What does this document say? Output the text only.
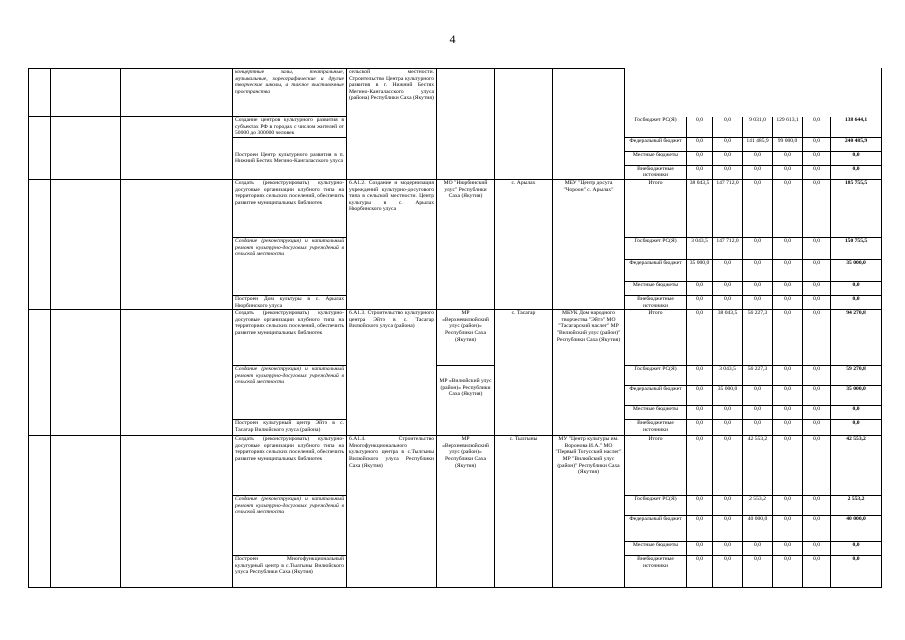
4

			концертные залы, театральные, музыкальные, хореографические и другие творческие школы, а также выставочные пространства	сельской местности. Строительство Центра культурного развития в г. Нижний Бестях Мегино-Кангаласского улуса (района) Республики Саха (Якутия)										

			Создание центров культурного развития в субъектах РФ в городах с числом жителей от 50000 до 300000 человек					Госбюджет РС(Я)	0,0	0,0	9 031,0	129 613,1	0,0	138 644,1

								Федеральный бюджет	0,0	0,0	141 485,9	99 000,0	0,0	240 485,9

			Построен Центр культурного развития в п. Нижний Бестях Мегино-Кангаласского улуса					Местные бюджеты	0,0	0,0	0,0	0,0	0,0	0,0

								Внебюджетные источники	0,0	0,0	0,0	0,0	0,0	0,0

			Создать (реконструировать) культурно-досуговые организации клубного типа на территориях сельских поселений, обеспечить развитие муниципальных библиотек	6.А1.2. Создание и модернизация учреждений культурно-досугового типа в сельской местности. Центр культуры в с. Арылах Нюрбинского улуса	МО "Нюрбинский улус" Республики Саха (Якутия)	с. Арылах	МБУ "Центр досуга "Чороон" с. Арылах"	Итого	38 043,5	147 712,0	0,0	0,0	0,0	185 755,5

			Создание (реконструкция) и капитальный ремонт культурно-досуговых учреждений в сельской местности					Госбюджет РС(Я)	3 043,5	147 712,0	0,0	0,0	0,0	150 755,5

								Федеральный бюджет	35 000,0	0,0	0,0	0,0	0,0	35 000,0

								Местные бюджеты	0,0	0,0	0,0	0,0	0,0	0,0

			Построен Дом культуры в с. Арылах Нюрбинского улуса					Внебюджетные источники	0,0	0,0	0,0	0,0	0,0	0,0

			Создать (реконструировать) культурно-досуговые организации клубного типа на территориях сельских поселений, обеспечить развитие муниципальных библиотек	6.А1.3. Строительство культурного центра Эйтэ в с. Тасагар Вилюйского улуса (района)	МР «Верхневилюйский улус (район)» Республики Саха (Якутия)	с. Тасагар	МБУК Дом народного творчества "Эйтэ" МО "Тасагарский наслег" МР "Вилюйский улус (район)" Республики Саха (Якутия)	Итого	0,0	38 043,5	56 227,3	0,0	0,0	94 270,8

			Создание (реконструкция) и капитальный ремонт культурно-досуговых учреждений в сельской местности		МР «Вилюйский улус (район)» Республики Саха (Якутия)			Госбюджет РС(Я)	0,0	3 043,5	56 227,3	0,0	0,0	59 270,8

								Федеральный бюджет	0,0	35 000,0	0,0	0,0	0,0	35 000,0

								Местные бюджеты	0,0	0,0	0,0	0,0	0,0	0,0

			Построен культурный центр Эйтэ в с. Тасагар Вилюйского улуса (района)					Внебюджетные источники	0,0	0,0	0,0	0,0	0,0	0,0

			Создать (реконструировать) культурно-досуговые организации клубного типа на территориях сельских поселений, обеспечить развитие муниципальных библиотек	6.А1.4. Строительство Многофункционального культурного центра в с.Тылгыны Вилюйского улуса Республики Саха (Якутия)	МР «Верхневилюйский улус (район)» Республики Саха (Якутия)	с. Тылгыны	МУ "Центр культуры им. Воронова И.А." МО "Первый Тогусский наслег" МР "Вилюйский улус (район)" Республики Саха (Якутия)	Итого	0,0	0,0	42 553,2	0,0	0,0	42 553,2

			Создание (реконструкция) и капитальный ремонт культурно-досуговых учреждений в сельской местности					Госбюджет РС(Я)	0,0	0,0	2 553,2	0,0	0,0	2 553,2

								Федеральный бюджет	0,0	0,0	40 000,0	0,0	0,0	40 000,0

								Местные бюджеты	0,0	0,0	0,0	0,0	0,0	0,0

			Построен Многофункциональный культурный центр в с.Тылгыны Вилюйского улуса Республики Саха (Якутия)					Внебюджетные источники	0,0	0,0	0,0	0,0	0,0	0,0
